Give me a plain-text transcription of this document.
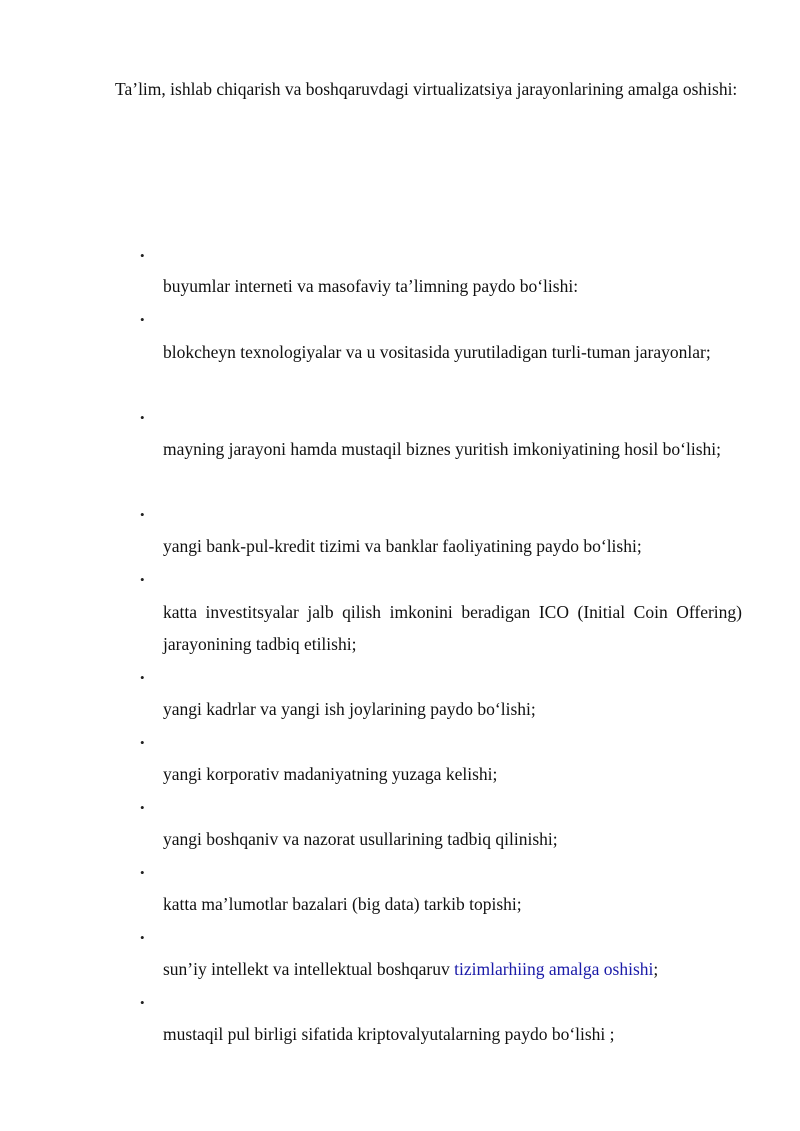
Ta’lim, ishlab chiqarish va boshqaruvdagi virtualizatsiya jarayonlarining amalga oshishi:

•

buyumlar interneti va masofaviy ta’limning paydo bo‘lishi:

•

blokcheyn texnologiyalar va u vositasida yurutiladigan turli-tuman jarayonlar;

•

mayning jarayoni hamda mustaqil biznes yuritish imkoniyatining hosil bo‘lishi;

•

yangi bank-pul-kredit tizimi va banklar faoliyatining paydo bo‘lishi;

•

katta investitsyalar jalb qilish imkonini beradigan ICO (Initial Coin Offering) jarayonining tadbiq etilishi;

•

yangi kadrlar va yangi ish joylarining paydo bo‘lishi;

•

yangi korporativ madaniyatning yuzaga kelishi;

•

yangi boshqaniv va nazorat usullarining tadbiq qilinishi;

•

katta ma’lumotlar bazalari (big data) tarkib topishi;

•

sun’iy intellekt va intellektual boshqaruv tizimlarhiing amalga oshishi;

•

mustaqil pul birligi sifatida kriptovalyutalarning paydo bo‘lishi ;
